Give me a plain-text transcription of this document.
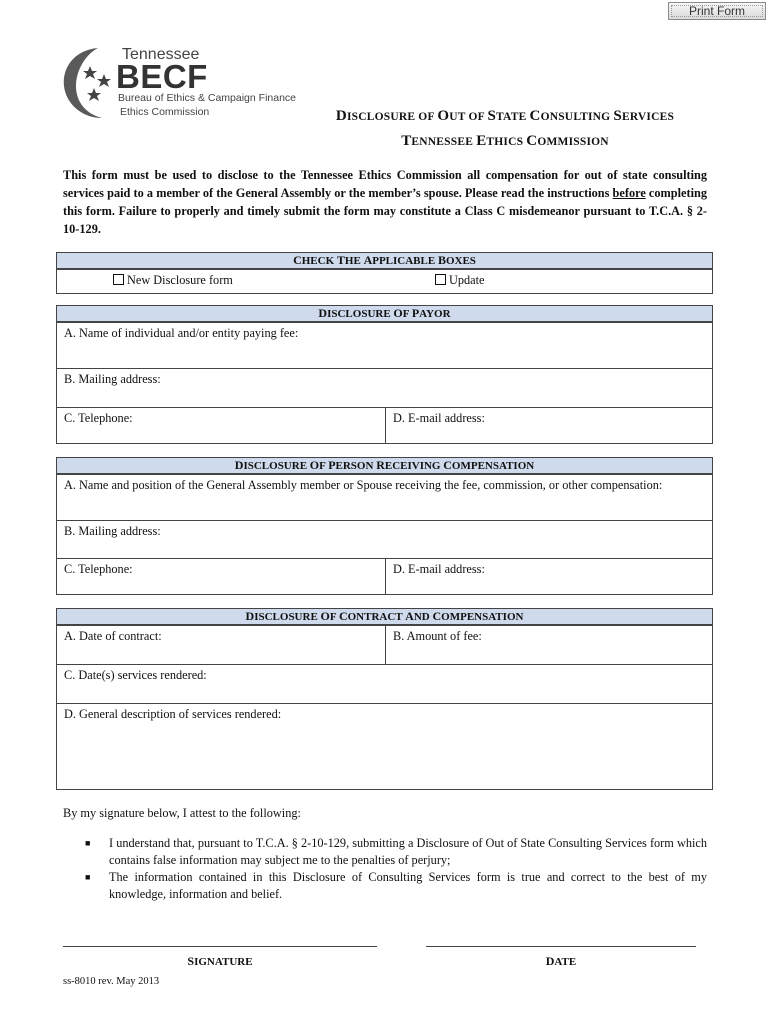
Print Form
Tennessee
BECF
Bureau of Ethics & Campaign Finance
Ethics Commission	DISCLOSURE OF OUT OF STATE CONSULTING SERVICES
TENNESSEE ETHICS COMMISSION
This form must be used to disclose to the Tennessee Ethics Commission all compensation for out of state consulting services paid to a member of the General Assembly or the member’s spouse. Please read the instructions before completing this form. Failure to properly and timely submit the form may constitute a Class C misdemeanor pursuant to T.C.A. § 2-10-129.
CHECK THE APPLICABLE BOXES
New Disclosure form	Update
DISCLOSURE OF PAYOR
A. Name of individual and/or entity paying fee:
B. Mailing address:
C. Telephone:	D. E-mail address:
DISCLOSURE OF PERSON RECEIVING COMPENSATION
A. Name and position of the General Assembly member or Spouse receiving the fee, commission, or other compensation:
B. Mailing address:
C. Telephone:	D. E-mail address:
DISCLOSURE OF CONTRACT AND COMPENSATION
A. Date of contract:	B. Amount of fee:
C. Date(s) services rendered:
D. General description of services rendered:
By my signature below, I attest to the following:
■ I understand that, pursuant to T.C.A. § 2-10-129, submitting a Disclosure of Out of State Consulting Services form which contains false information may subject me to the penalties of perjury;
■ The information contained in this Disclosure of Consulting Services form is true and correct to the best of my knowledge, information and belief.
SIGNATURE	DATE
ss-8010 rev. May 2013
